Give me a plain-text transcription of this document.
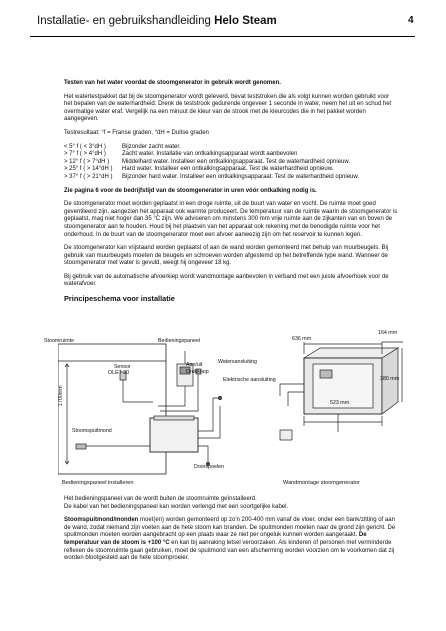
Installatie- en gebruikshandleiding Helo Steam	4

Testen van het water voordat de stoomgenerator in gebruik wordt genomen.

Het watertestpakket dat bij de stoomgenerator wordt geleverd, bevat teststroken die als volgt kunnen worden gebruikt voor het bepalen van de waterhardheid: Drenk de teststrook gedurende ongeveer 1 seconde in water, neem het uit en schud het overmatige water eraf. Vergelijk na een minuut de kleur van de strook met de kleurcodes die in het pakket worden aangegeven.

Testresultaat: °f = Franse graden, °dH = Duitse graden

< 5° f ( < 3°dH )	Bijzonder zacht water.
> 7° f ( > 4°dH )	Zacht water. Installatie van ontkalkingsapparaat wordt aanbevolen
> 12° f ( > 7°dH )	Middelhard water. Installeer een ontkalkingsapparaat. Test de waterhardheid opnieuw.
> 25° f ( > 14°dH )	Hard water. Installeer een ontkalkingsapparaat. Test de waterhardheid opnieuw.
> 37° f ( > 21°dH )	Bijzonder hard water. Installeer een ontkalkingsapparaat. Test de waterhardheid opnieuw.

Zie pagina 6 voor de bedrijfstijd van de stoomgenerator in uren vóór ontkalking nodig is.

De stoomgenerator moet worden geplaatst in een droge ruimte, uit de buurt van water en vocht. De ruimte moet goed geventileerd zijn, aangezien het apparaat ook warmte produceert. De temperatuur van de ruimte waarin de stoomgenerator is geplaatst, mag niet hoger dan 35 °C zijn. We adviseren om minstens 300 mm vrije ruimte aan de zijkanten van en boven de stoomgenerator aan te houden. Houd bij het plaatsen van het apparaat ook rekening met de benodigde ruimte voor het onderhoud. In de buurt van de stoomgenerator moet een afvoer aanwezig zijn om het reservoir te kunnen legen.

De stoomgenerator kan vrijstaand worden geplaatst of aan de wand worden gemonteerd met behulp van muurbeugels. Bij gebruik van muurbeugels moeten de beugels en schroeven worden afgestemd op het betreffende type wand. Wanneer de stoomgenerator met water is gevuld, weegt hij ongeveer 18 kg.

Bij gebruik van de automatische afvoerkiep wordt wandmontage aanbevolen in verband met een juiste afvoerhoek voor de waterafvoer.

Principeschema voor installatie

Stoomruimte	Bedieningspaneel
Sensor
OLET 30
Aan/uit
Drukknop
Watersansluiting
Elektrische aansluiting
1700mm
Stoomspuitmond
Doorspoelen
636 mm
164 mm
380 mm
523 mm
Bedieningspaneel installeren	Wandmontage stoomgenerator

Het bedieningspaneel van de wordt buiten de stoomruimte geïnstalleerd.

De kabel van het bedieningspaneel kan worden verlengd met een soortgelijke kabel.

Stoomspuitmond/monden moet(en) worden gemonteerd op zo'n 200-400 mm vanaf de vloer, onder een bank/zitting of aan de wand, zodat niemand zijn voeten aan de hete stoom kan branden. De spuitmonden moeten naar de grond zijn gericht. De spuitmonden moeten worden aangebracht op een plaats waar ze niet per ongeluk kunnen worden aangeraakt. De temperatuur van de stoom is +100 °C en kan bij aanraking letsel veroorzaken. Als kinderen of personen met verminderde reflexen de stoomruimte gaan gebruiken, moet de spuitmond van een afscherming worden voorzien om te voorkomen dat zij worden blootgesteld aan de hete stoomproeier.
